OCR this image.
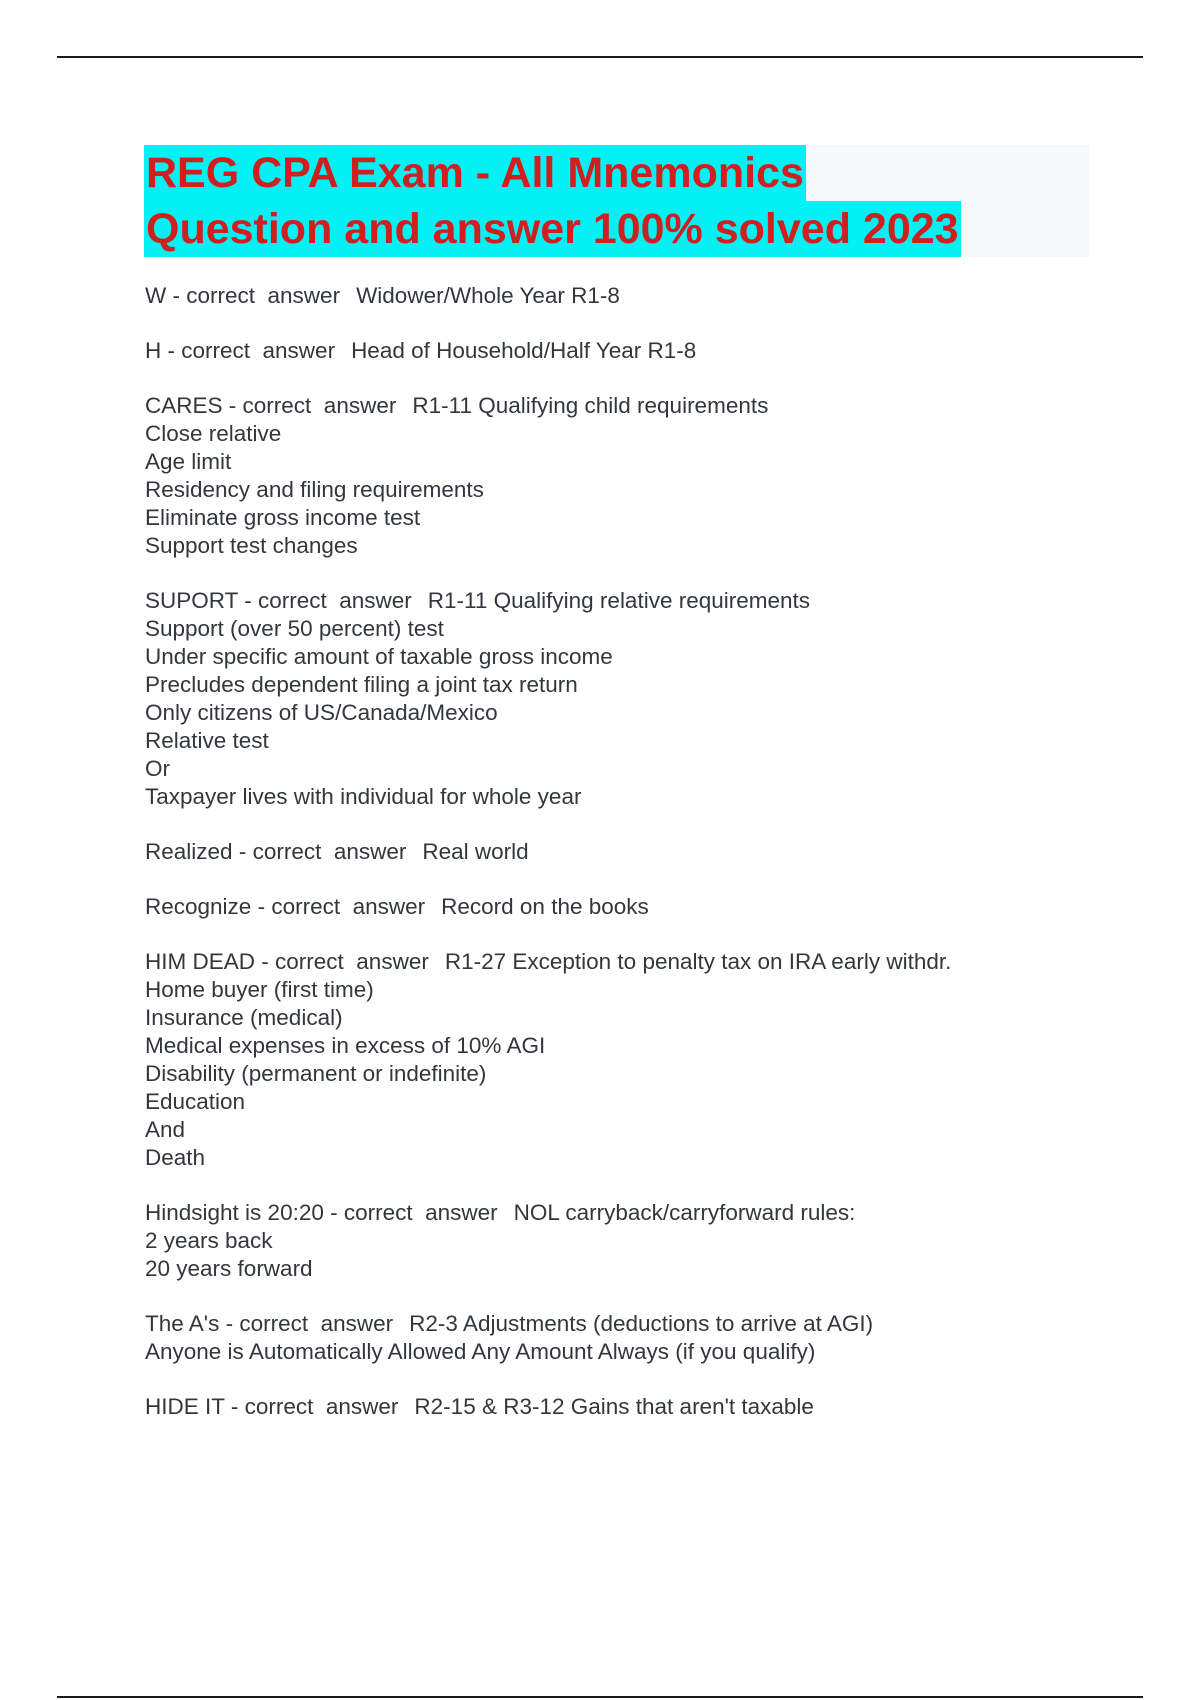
REG CPA Exam - All Mnemonics
Question and answer 100% solved 2023
W - correct  answer Widower/Whole Year R1-8
H - correct  answer Head of Household/Half Year R1-8
CARES - correct  answer R1-11 Qualifying child requirements
Close relative
Age limit
Residency and filing requirements
Eliminate gross income test
Support test changes
SUPORT - correct  answer R1-11 Qualifying relative requirements
Support (over 50 percent) test
Under specific amount of taxable gross income
Precludes dependent filing a joint tax return
Only citizens of US/Canada/Mexico
Relative test
Or
Taxpayer lives with individual for whole year
Realized - correct  answer Real world
Recognize - correct  answer Record on the books
HIM DEAD - correct  answer R1-27 Exception to penalty tax on IRA early withdr.
Home buyer (first time)
Insurance (medical)
Medical expenses in excess of 10% AGI
Disability (permanent or indefinite)
Education
And
Death
Hindsight is 20:20 - correct  answer NOL carryback/carryforward rules:
2 years back
20 years forward
The A's - correct  answer R2-3 Adjustments (deductions to arrive at AGI)
Anyone is Automatically Allowed Any Amount Always (if you qualify)
HIDE IT - correct  answer R2-15 & R3-12 Gains that aren't taxable
